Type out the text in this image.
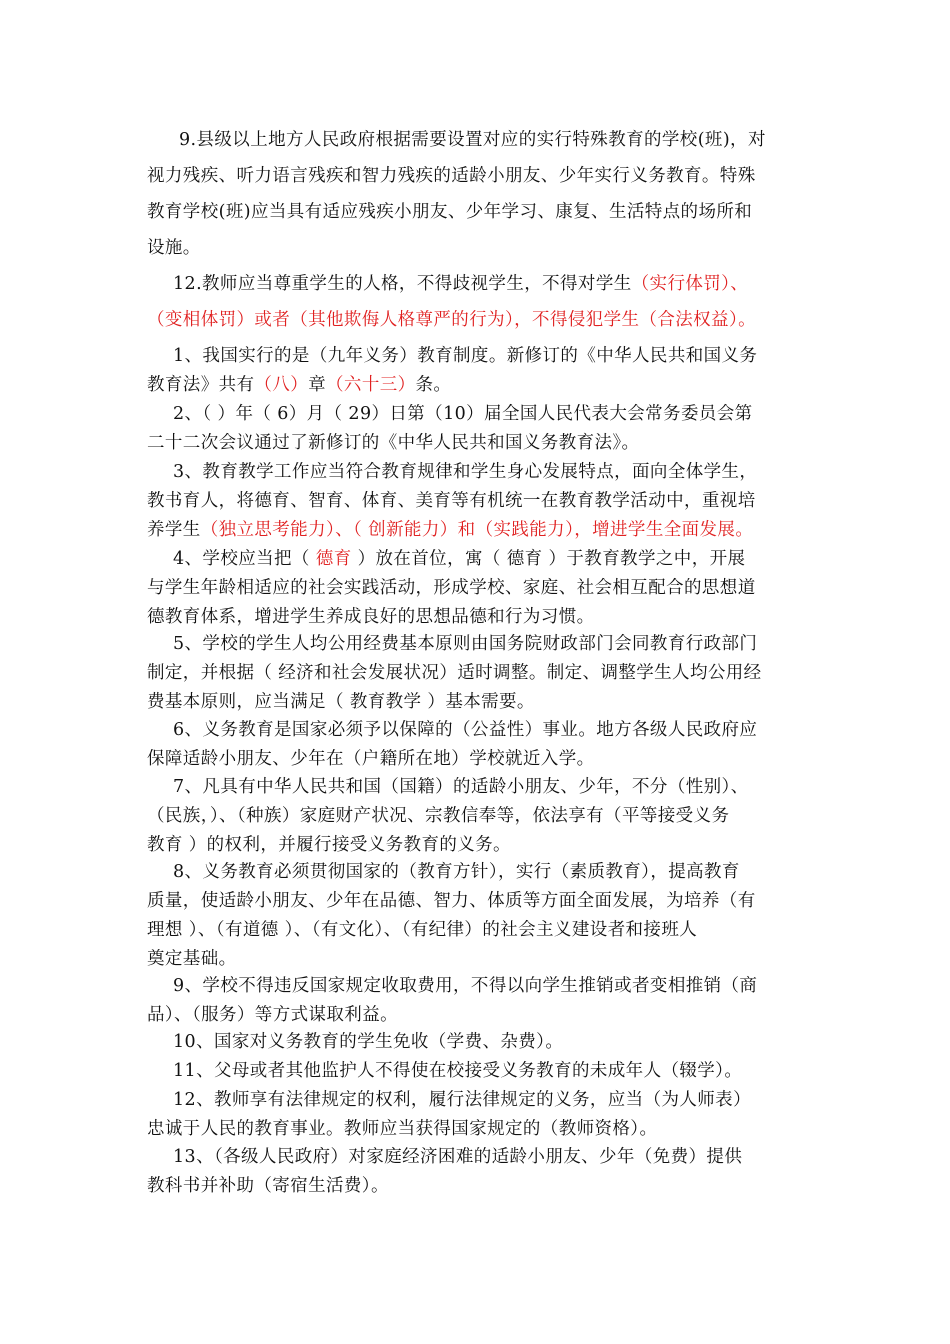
9.县级以上地方人民政府根据需要设置对应的实行特殊教育的学校(班)，对
视力残疾、听力语言残疾和智力残疾的适龄小朋友、少年实行义务教育。特殊
教育学校(班)应当具有适应残疾小朋友、少年学习、康复、生活特点的场所和
设施。
12.教师应当尊重学生的人格，不得歧视学生，不得对学生（实行体罚）、
（变相体罚）或者（其他欺侮人格尊严的行为），不得侵犯学生（合法权益）。
1、我国实行的是（九年义务）教育制度。新修订的《中华人民共和国义务
教育法》共有（八）章（六十三）条。
2、（ ）年（ 6）月（ 29）日第（10）届全国人民代表大会常务委员会第
二十二次会议通过了新修订的《中华人民共和国义务教育法》。
3、教育教学工作应当符合教育规律和学生身心发展特点，面向全体学生，
教书育人，将德育、智育、体育、美育等有机统一在教育教学活动中，重视培
养学生（独立思考能力）、（ 创新能力）和（实践能力），增进学生全面发展。
4、学校应当把（ 德育 ）放在首位，寓（ 德育 ）于教育教学之中，开展
与学生年龄相适应的社会实践活动，形成学校、家庭、社会相互配合的思想道
德教育体系，增进学生养成良好的思想品德和行为习惯。
5、学校的学生人均公用经费基本原则由国务院财政部门会同教育行政部门
制定，并根据（ 经济和社会发展状况）适时调整。制定、调整学生人均公用经
费基本原则，应当满足（ 教育教学 ）基本需要。
6、义务教育是国家必须予以保障的（公益性）事业。地方各级人民政府应
保障适龄小朋友、少年在（户籍所在地）学校就近入学。
7、凡具有中华人民共和国（国籍）的适龄小朋友、少年，不分（性别）、
（民族，）、（种族）家庭财产状况、宗教信奉等，依法享有（平等接受义务
教育 ）的权利，并履行接受义务教育的义务。
8、义务教育必须贯彻国家的（教育方针），实行（素质教育），提高教育
质量，使适龄小朋友、少年在品德、智力、体质等方面全面发展，为培养（有
理想 ）、（有道德 ）、（有文化）、（有纪律）的社会主义建设者和接班人
奠定基础。
9、学校不得违反国家规定收取费用，不得以向学生推销或者变相推销（商
品）、（服务）等方式谋取利益。
10、国家对义务教育的学生免收（学费、杂费）。
11、父母或者其他监护人不得使在校接受义务教育的未成年人（辍学）。
12、教师享有法律规定的权利，履行法律规定的义务，应当（为人师表）
忠诚于人民的教育事业。教师应当获得国家规定的（教师资格）。
13、（各级人民政府）对家庭经济困难的适龄小朋友、少年（免费）提供
教科书并补助（寄宿生活费）。
